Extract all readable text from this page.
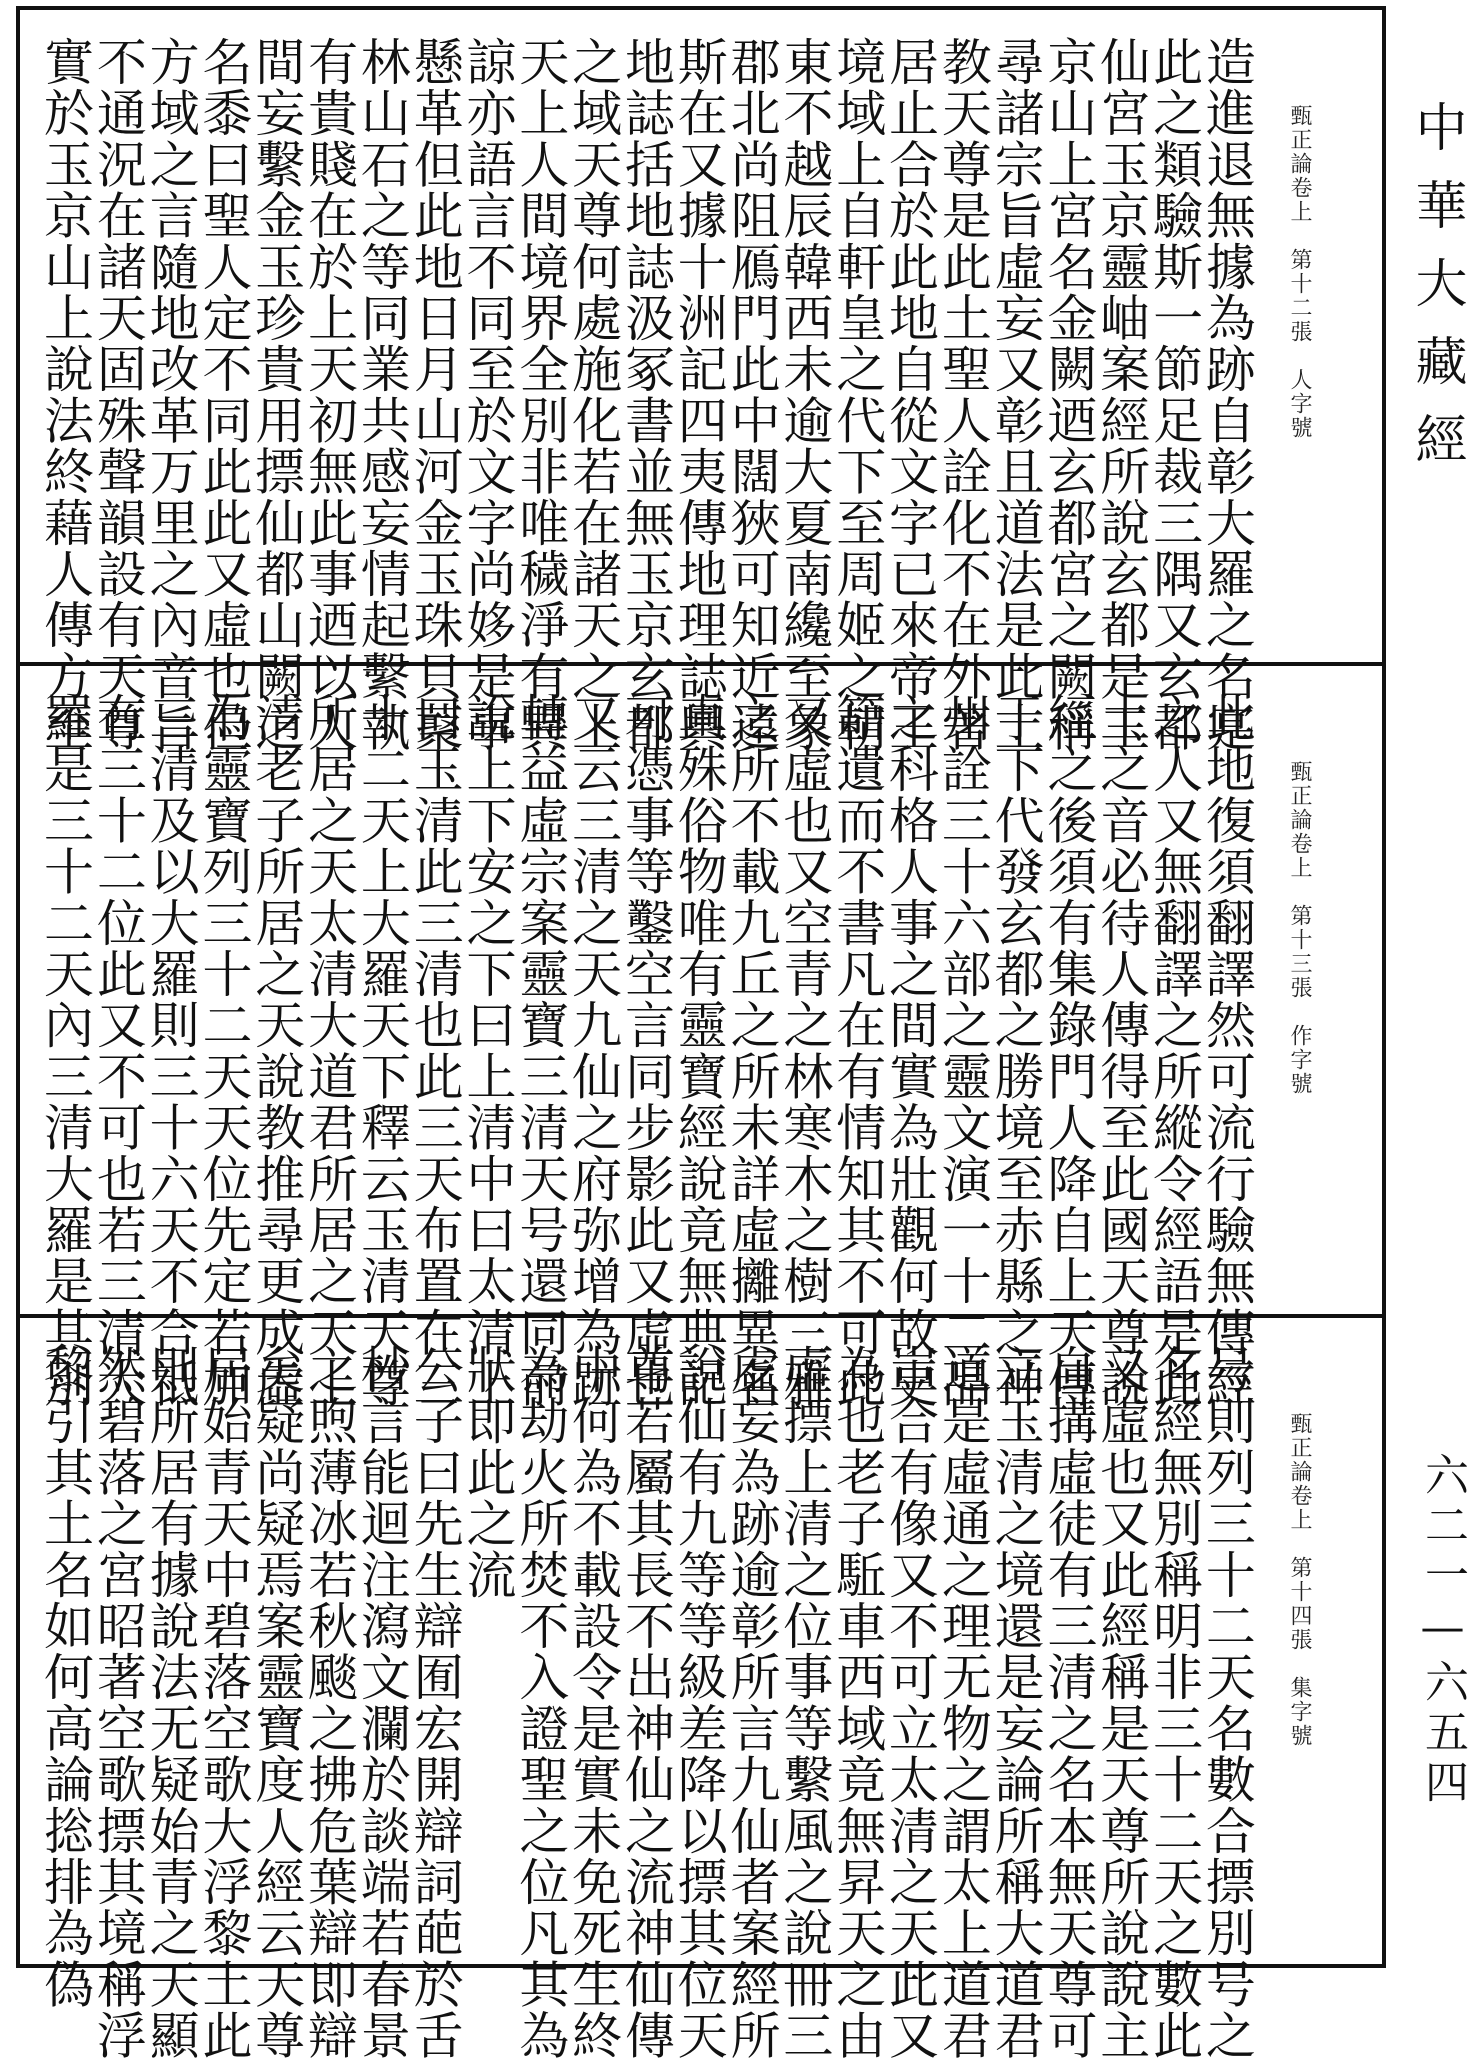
造進退無據為跡自彰大羅之名寔
此之類驗斯一節足裁三隅又玄都
仙宮玉京靈岫案經所說玄都是玉
京山上宮名金闕迺玄都宮之闕稱
尋諸宗旨虛妄又彰且道法是此土
教天尊是此土聖人詮化不在外著
居止合於此地自從文字已來帝王
境域上自軒皇之代下至周姬之朝
東不越辰韓西未逾大夏南纔至象
郡北尚阻鴈門此中闊狹可知近遠
斯在又據十洲記四夷傳地理誌輿
地誌括地誌汲冢書並無玉京玄都
之域天尊何處施化若在諸天之上
天上人間境界全別非唯穢淨有異
諒亦語言不同至於文字尚姼是事
懸革但此地日月山河金玉珠貝藂
林山石之等同業共感妄情起繫執
有貴賤在於上天初無此事迺以人
間妄繫金玉珍貴用摽仙都山闕之
名黍曰聖人定不同此此又虛也但
方域之言隨地改革万里之內音旨
不通況在諸天固殊聲韻設有天尊
實於玉京山上說法終藉人傳方至	甄正論卷上　第十二張　人字號
此地復須翻譯然可流行驗無傳經
之人又無翻譯之所縱令經語是此
土之音必待人傳得至此國天尊說
經之後須有集錄門人降自上天傳
于下代發玄都之勝境至赤縣之神
州詮三十六部之靈文演一十二品
之科格人事之間實為壯觀何故史
籍遺而不書凡在有情知其不可此
又虛也又空青之林寒木之樹三雅
之所不載九丘之所未詳虛攡異名
真殊俗物唯有靈寶經說竟無典記
可憑事等鑿空言同步影此又虛也
又云三清之天九仙之府弥增為跡
轉益虛宗案靈寶三清天号還同前
說上下安之下曰上清中曰太清上
曰玉清此三清也此三天布置在三
十二天上大羅天下釋云玉清天尊
所居之天太清大道君所居之天上
清老子所居之天說教推尋更成虛
為靈寶列三十二天天位先定若加
三清及以大羅則三十六天不合祗
有三十二位此又不可也若三清大
羅是三十二天內三清大羅是其別	甄正論卷上　第十三張　作字號
号則列三十二天名數合摽別号之
名經無別稱明非三十二天之數此
又虛也又此經稱是天尊所說說主
自搆虛徒有三清之名本無天尊可
立玉清之境還是妄論所稱大道君
道是虛通之理无物之謂太上道君
豈合有像又不可立太清之天此又
為也老子駈車西域竟無昇天之由
虛摽上清之位事等繫風之說冊三
虛妄為跡逾彰所言九仙者案經所
說仙有九等等級差降以摽其位天
尊若屬其長不出神仙之流神仙傳
中何為不載設令是實未免死生終
為劫火所焚不入證聖之位凡其為
狀即此之流
公子曰先生辯囿宏開辯詞葩於舌
杪言能迴注瀉文瀾於談端若春景
之煦薄冰若秋颷之拂危葉辯即辯
矣疑尚疑焉案靈寶度人經云天尊
居始青天中碧落空歌大浮黎土此
則所居有據說法无疑始青之天顯
然碧落之宮昭著空歌摽其境稱浮
黎引其土名如何高論捴排為偽	甄正論卷上　第十四張　集字號
中華大藏經
六二一—六五四
